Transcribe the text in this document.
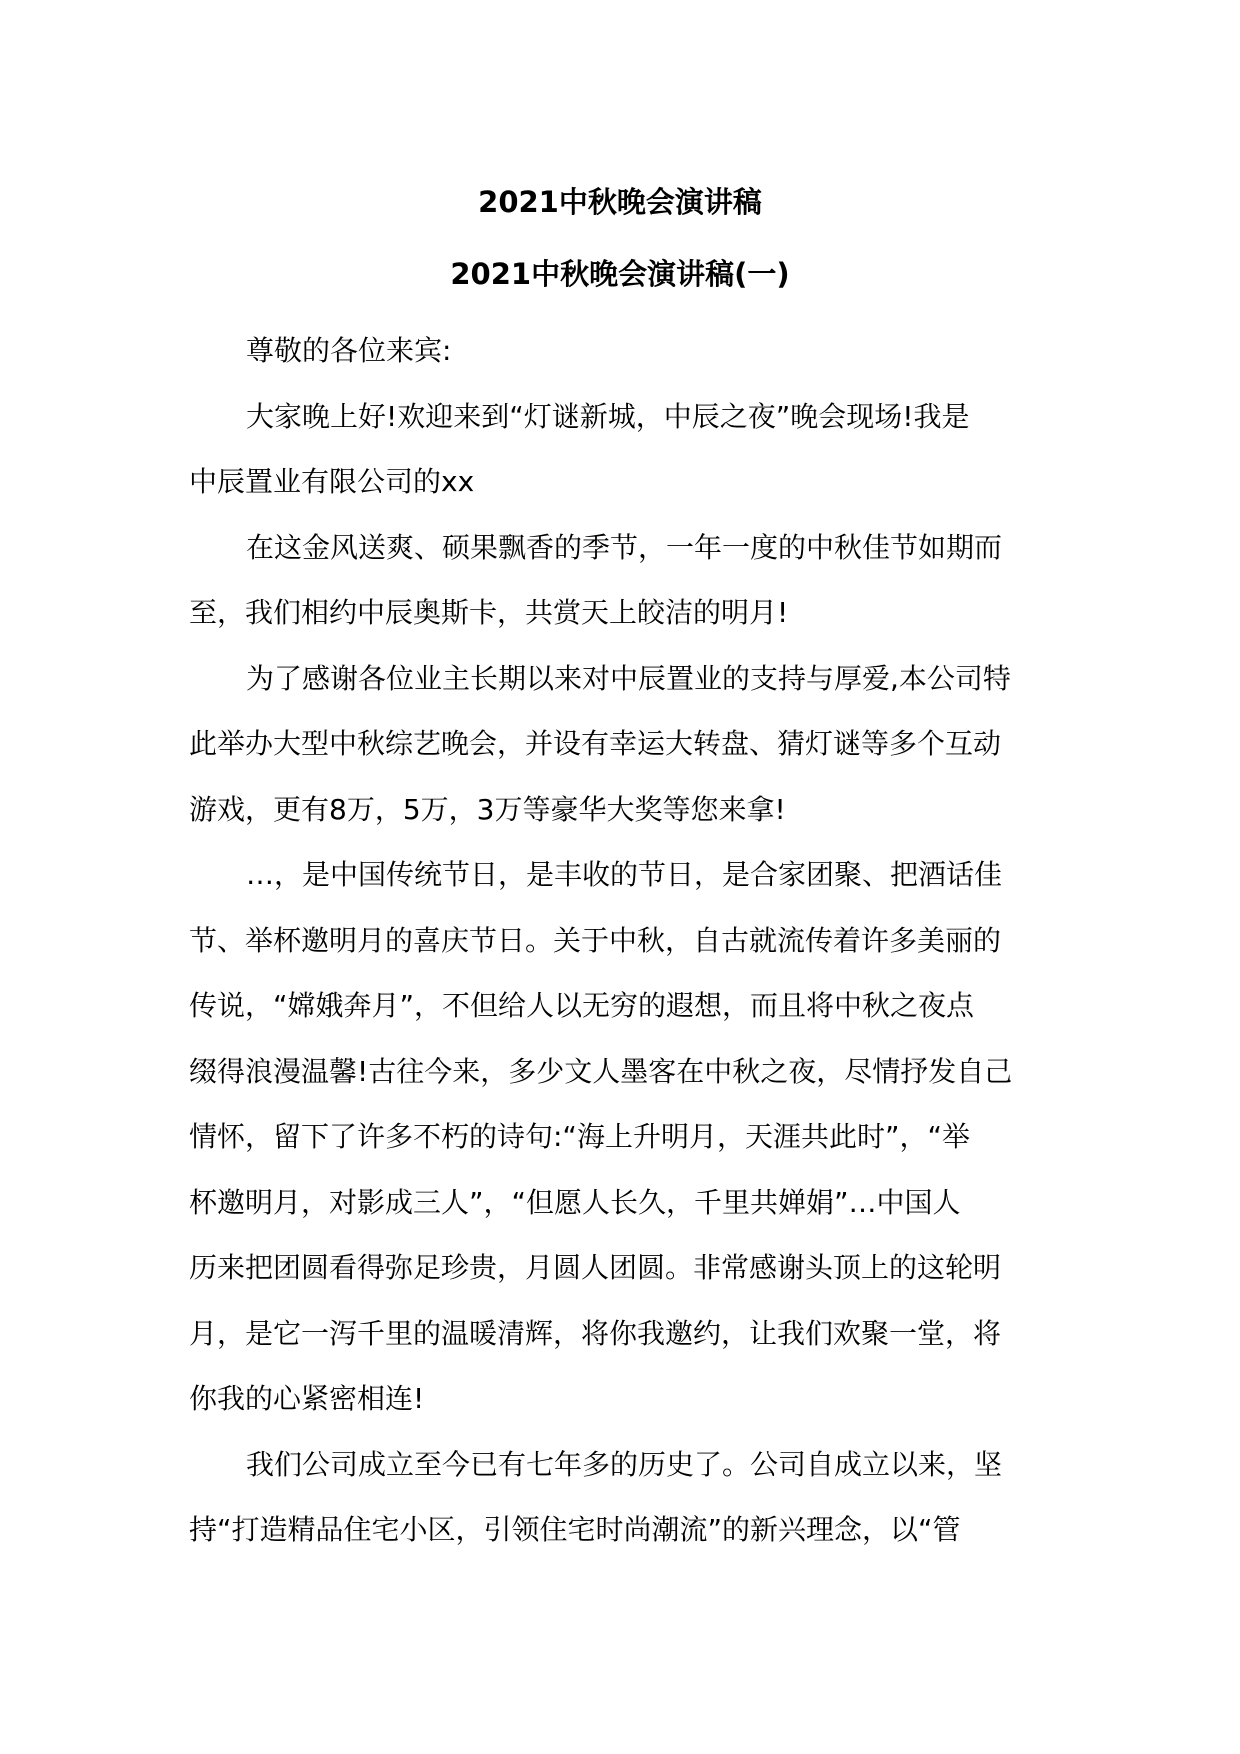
2021中秋晚会演讲稿
2021中秋晚会演讲稿(一)

尊敬的各位来宾:

大家晚上好!欢迎来到“灯谜新城，中辰之夜”晚会现场!我是
中辰置业有限公司的xx

在这金风送爽、硕果飘香的季节，一年一度的中秋佳节如期而
至，我们相约中辰奥斯卡，共赏天上皎洁的明月!

为了感谢各位业主长期以来对中辰置业的支持与厚爱,本公司特
此举办大型中秋综艺晚会，并设有幸运大转盘、猜灯谜等多个互动
游戏，更有8万，5万，3万等豪华大奖等您来拿!

…，是中国传统节日，是丰收的节日，是合家团聚、把酒话佳
节、举杯邀明月的喜庆节日。关于中秋，自古就流传着许多美丽的
传说，“嫦娥奔月”，不但给人以无穷的遐想，而且将中秋之夜点
缀得浪漫温馨!古往今来，多少文人墨客在中秋之夜，尽情抒发自己
情怀，留下了许多不朽的诗句:“海上升明月，天涯共此时”，“举
杯邀明月，对影成三人”，“但愿人长久，千里共婵娟”…中国人
历来把团圆看得弥足珍贵，月圆人团圆。非常感谢头顶上的这轮明
月，是它一泻千里的温暖清辉，将你我邀约，让我们欢聚一堂，将
你我的心紧密相连!

我们公司成立至今已有七年多的历史了。公司自成立以来，坚
持“打造精品住宅小区，引领住宅时尚潮流”的新兴理念，以“管
